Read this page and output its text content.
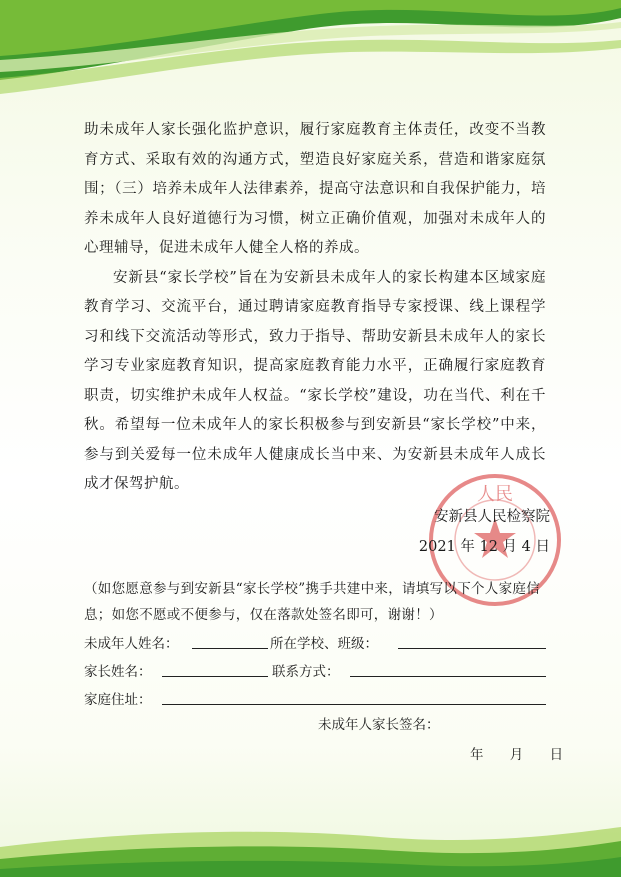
助未成年人家长强化监护意识，履行家庭教育主体责任，改变不当教育方式、采取有效的沟通方式，塑造良好家庭关系，营造和谐家庭氛围；（三）培养未成年人法律素养，提高守法意识和自我保护能力，培养未成年人良好道德行为习惯，树立正确价值观，加强对未成年人的心理辅导，促进未成年人健全人格的养成。

安新县“家长学校”旨在为安新县未成年人的家长构建本区域家庭教育学习、交流平台，通过聘请家庭教育指导专家授课、线上课程学习和线下交流活动等形式，致力于指导、帮助安新县未成年人的家长学习专业家庭教育知识，提高家庭教育能力水平，正确履行家庭教育职责，切实维护未成年人权益。“家长学校”建设，功在当代、利在千秋。希望每一位未成年人的家长积极参与到安新县“家长学校”中来，参与到关爱每一位未成年人健康成长当中来、为安新县未成年人成长成才保驾护航。	人民
安新县人民检察院
2021 年 12 月 4 日
（如您愿意参与到安新县“家长学校”携手共建中来，请填写以下个人家庭信息；如您不愿或不便参与，仅在落款处签名即可，谢谢！）
未成年人姓名：	所在学校、班级：
家长姓名：	联系方式：
家庭住址：
未成年人家长签名：
年 月 日
